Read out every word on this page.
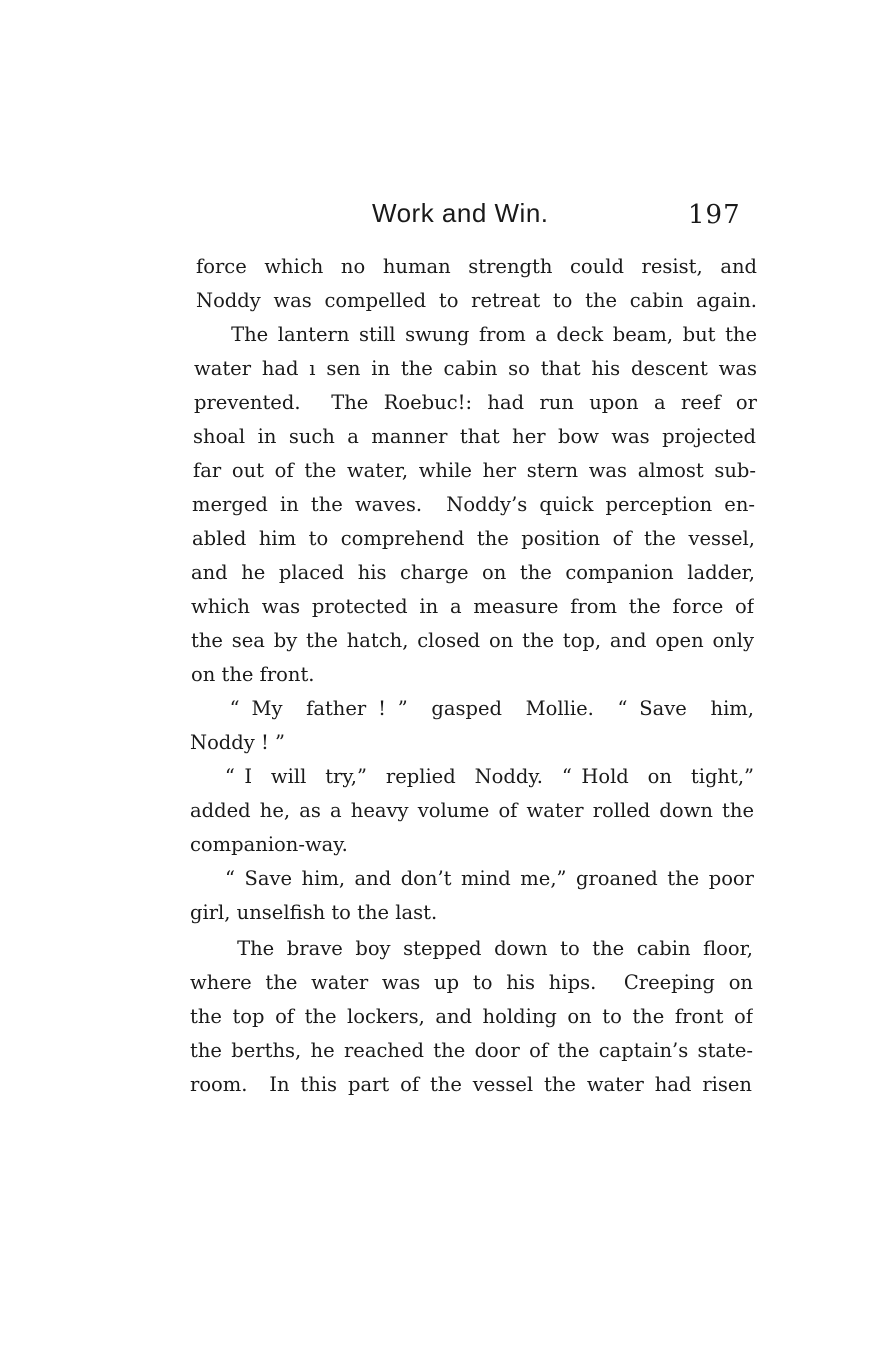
Work and Win.	197
force which no human strength could resist, and
Noddy was compelled to retreat to the cabin again.
The lantern still swung from a deck beam, but the
water had ı sen in the cabin so that his descent was
prevented.  The Roebuc!: had run upon a reef or
shoal in such a manner that her bow was projected
far out of the water, while her stern was almost sub-
merged in the waves.  Noddy’s quick perception en-
abled him to comprehend the position of the vessel,
and he placed his charge on the companion ladder,
which was protected in a measure from the force of
the sea by the hatch, closed on the top, and open only
on the front.
“ My  father ! ”  gasped  Mollie.  “ Save  him,
Noddy ! ”
“ I  will  try,”  replied  Noddy.  “ Hold  on  tight,”
added he, as a heavy volume of water rolled down the
companion-way.
“ Save him, and don’t mind me,” groaned the poor
girl, unselfish to the last.
The brave boy stepped down to the cabin floor,
where the water was up to his hips.  Creeping on
the top of the lockers, and holding on to the front of
the berths, he reached the door of the captain’s state-
room.  In this part of the vessel the water had risen
